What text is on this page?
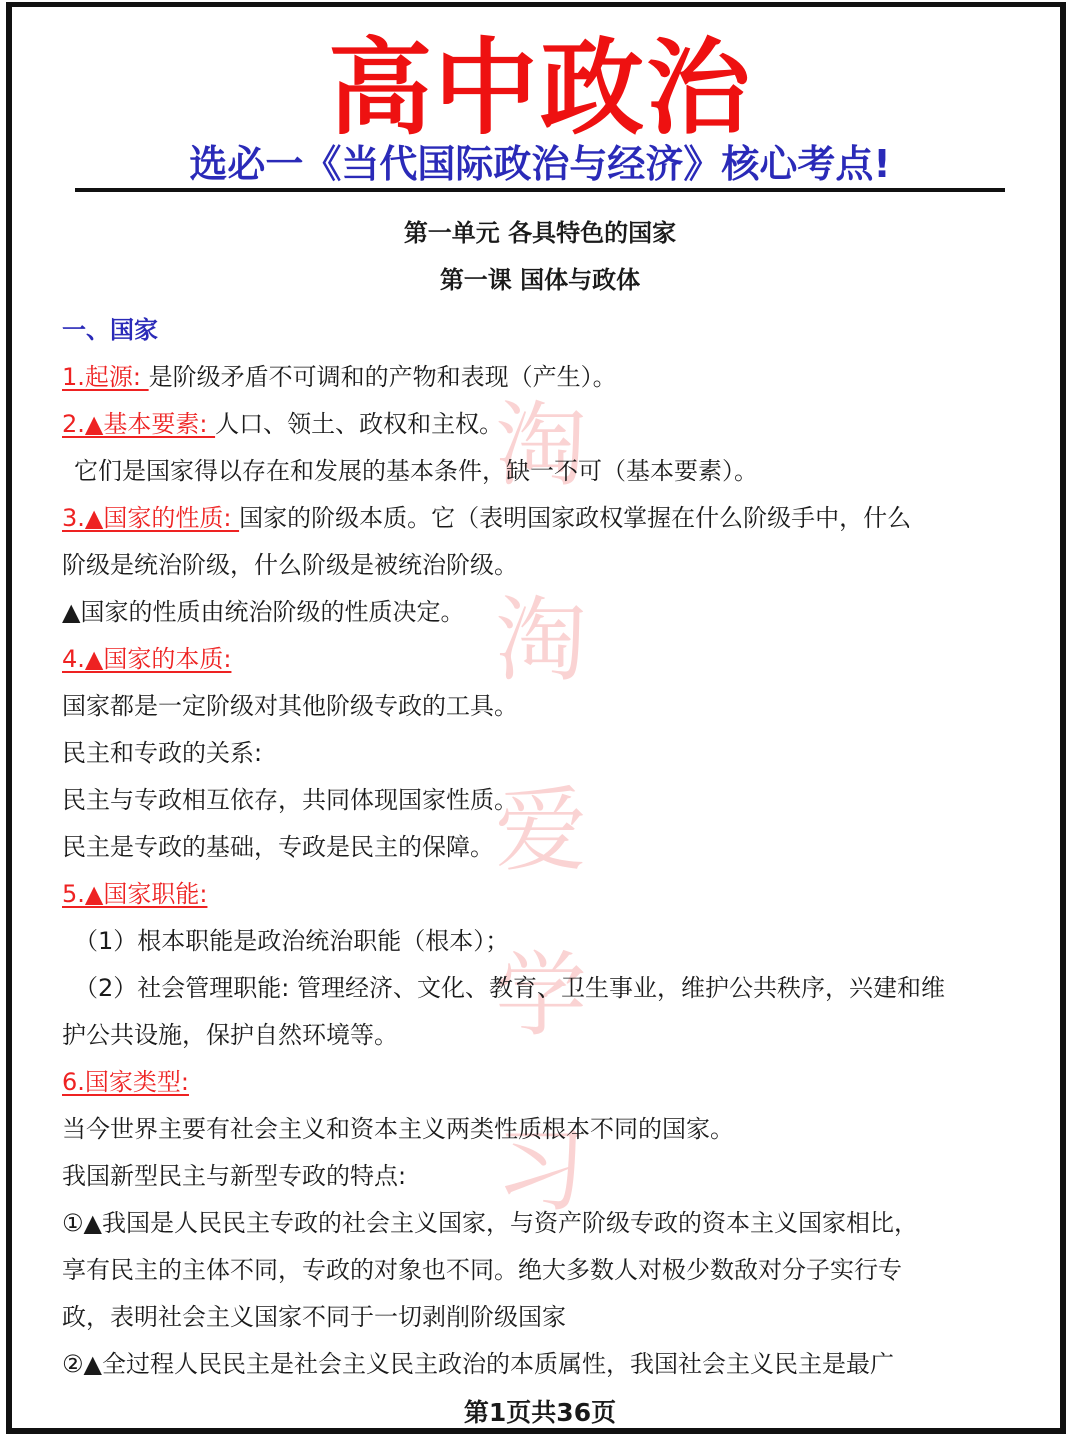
高中政治
选必一《当代国际政治与经济》核心考点!
第一单元 各具特色的国家
第一课 国体与政体
淘
淘
爱
学
习
一、国家
1.起源: 是阶级矛盾不可调和的产物和表现（产生）。
2.▲基本要素: 人口、领土、政权和主权。
它们是国家得以存在和发展的基本条件，缺一不可（基本要素）。
3.▲国家的性质: 国家的阶级本质。它（表明国家政权掌握在什么阶级手中，什么
阶级是统治阶级，什么阶级是被统治阶级。
▲国家的性质由统治阶级的性质决定。
4.▲国家的本质:
国家都是一定阶级对其他阶级专政的工具。
民主和专政的关系:
民主与专政相互依存，共同体现国家性质。
民主是专政的基础，专政是民主的保障。
5.▲国家职能:
（1）根本职能是政治统治职能（根本）；
（2）社会管理职能: 管理经济、文化、教育、卫生事业，维护公共秩序，兴建和维
护公共设施，保护自然环境等。
6.国家类型:
当今世界主要有社会主义和资本主义两类性质根本不同的国家。
我国新型民主与新型专政的特点:
①▲我国是人民民主专政的社会主义国家，与资产阶级专政的资本主义国家相比，
享有民主的主体不同，专政的对象也不同。绝大多数人对极少数敌对分子实行专
政，表明社会主义国家不同于一切剥削阶级国家
②▲全过程人民民主是社会主义民主政治的本质属性，我国社会主义民主是最广
第1页共36页
